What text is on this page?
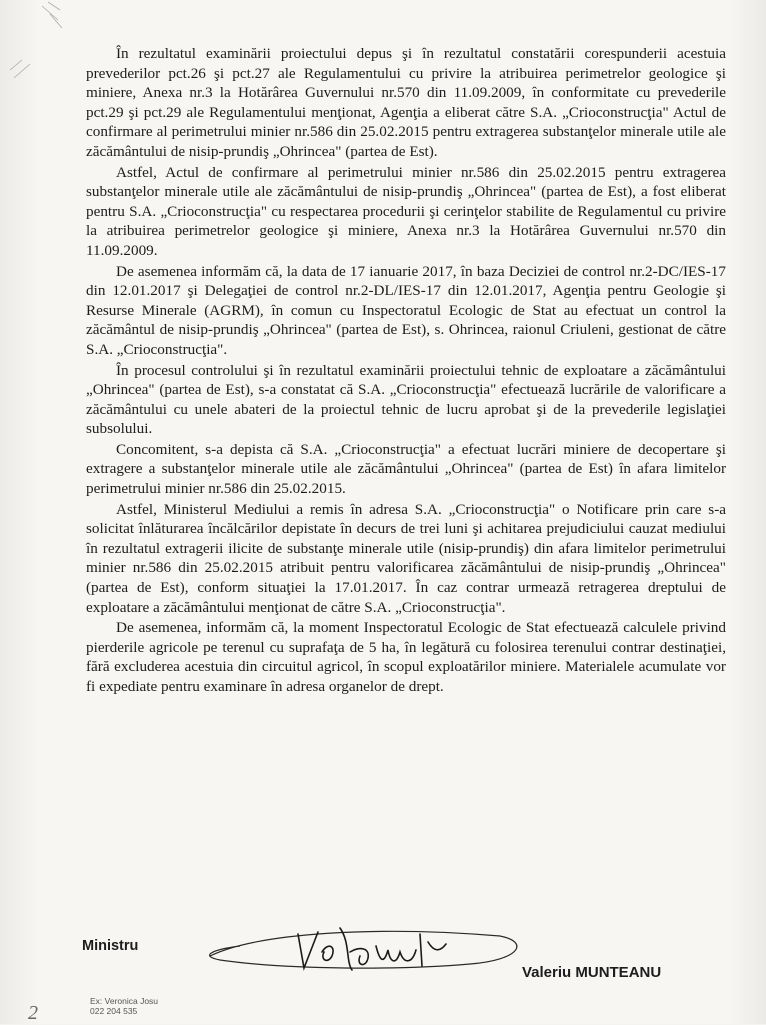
În rezultatul examinării proiectului depus şi în rezultatul constatării corespunderii acestuia prevederilor pct.26 şi pct.27 ale Regulamentului cu privire la atribuirea perimetrelor geologice şi miniere, Anexa nr.3 la Hotărârea Guvernului nr.570 din 11.09.2009, în conformitate cu prevederile pct.29 şi pct.29 ale Regulamentului menţionat, Agenţia a eliberat către S.A. „Crioconstrucţia" Actul de confirmare al perimetrului minier nr.586 din 25.02.2015 pentru extragerea substanţelor minerale utile ale zăcământului de nisip-prundiş „Ohrincea" (partea de Est).

Astfel, Actul de confirmare al perimetrului minier nr.586 din 25.02.2015 pentru extragerea substanţelor minerale utile ale zăcământului de nisip-prundiş „Ohrincea" (partea de Est), a fost eliberat pentru S.A. „Crioconstrucţia" cu respectarea procedurii şi cerinţelor stabilite de Regulamentul cu privire la atribuirea perimetrelor geologice şi miniere, Anexa nr.3 la Hotărârea Guvernului nr.570 din 11.09.2009.

De asemenea informăm că, la data de 17 ianuarie 2017, în baza Deciziei de control nr.2-DC/IES-17 din 12.01.2017 şi Delegaţiei de control nr.2-DL/IES-17 din 12.01.2017, Agenţia pentru Geologie şi Resurse Minerale (AGRM), în comun cu Inspectoratul Ecologic de Stat au efectuat un control la zăcământul de nisip-prundiş „Ohrincea" (partea de Est), s. Ohrincea, raionul Criuleni, gestionat de către S.A. „Crioconstrucţia".

În procesul controlului şi în rezultatul examinării proiectului tehnic de exploatare a zăcământului „Ohrincea" (partea de Est), s-a constatat că S.A. „Crioconstrucţia" efectuează lucrările de valorificare a zăcământului cu unele abateri de la proiectul tehnic de lucru aprobat şi de la prevederile legislaţiei subsolului.

Concomitent, s-a depista că S.A. „Crioconstrucţia" a efectuat lucrări miniere de decopertare şi extragere a substanţelor minerale utile ale zăcământului „Ohrincea" (partea de Est) în afara limitelor perimetrului minier nr.586 din 25.02.2015.

Astfel, Ministerul Mediului a remis în adresa S.A. „Crioconstrucţia" o Notificare prin care s-a solicitat înlăturarea încălcărilor depistate în decurs de trei luni şi achitarea prejudiciului cauzat mediului în rezultatul extragerii ilicite de substanţe minerale utile (nisip-prundiş) din afara limitelor perimetrului minier nr.586 din 25.02.2015 atribuit pentru valorificarea zăcământului de nisip-prundiş „Ohrincea" (partea de Est), conform situaţiei la 17.01.2017. În caz contrar urmează retragerea dreptului de exploatare a zăcământului menţionat de către S.A. „Crioconstrucţia".

De asemenea, informăm că, la moment Inspectoratul Ecologic de Stat efectuează calculele privind pierderile agricole pe terenul cu suprafaţa de 5 ha, în legătură cu folosirea terenului contrar destinaţiei, fără excluderea acestuia din circuitul agricol, în scopul exploatărilor miniere. Materialele acumulate vor fi expediate pentru examinare în adresa organelor de drept.

Ministru
Valeriu MUNTEANU
Ex: Veronica Josu
022 204 535
2
